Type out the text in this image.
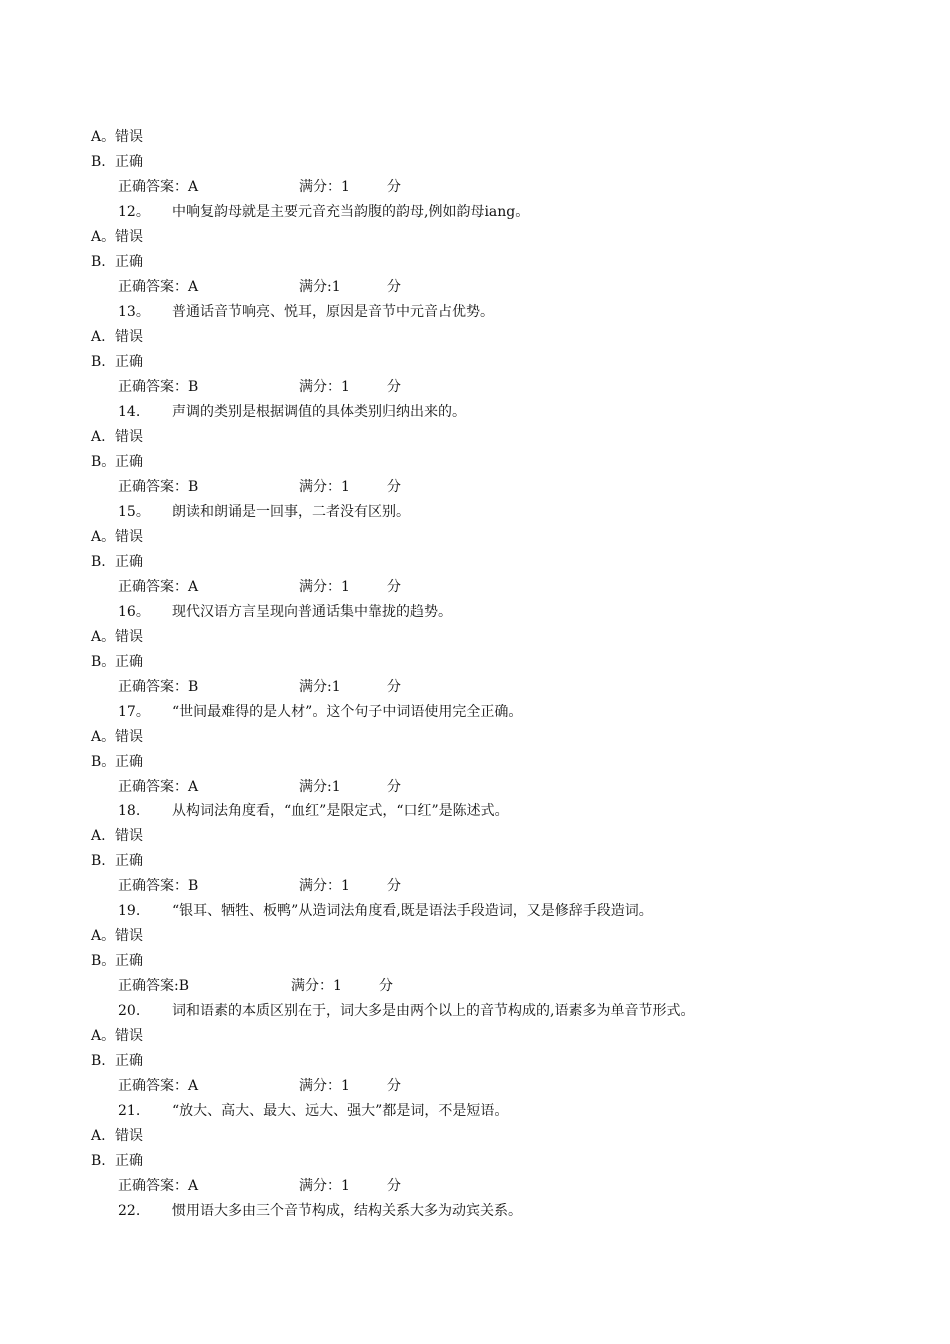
A。错误
B. 正确
正确答案：A	满分：1	分
12。 中响复韵母就是主要元音充当韵腹的韵母,例如韵母iang。
A。错误
B. 正确
正确答案：A	满分:1	分
13。 普通话音节响亮、悦耳，原因是音节中元音占优势。
A. 错误
B. 正确
正确答案：B	满分：1	分
14. 声调的类别是根据调值的具体类别归纳出来的。
A. 错误
B。正确
正确答案：B	满分：1	分
15。 朗读和朗诵是一回事，二者没有区别。
A。错误
B. 正确
正确答案：A	满分：1	分
16。 现代汉语方言呈现向普通话集中靠拢的趋势。
A。错误
B。正确
正确答案：B	满分:1	分
17。 “世间最难得的是人材”。这个句子中词语使用完全正确。
A。错误
B。正确
正确答案：A	满分:1	分
18. 从构词法角度看，“血红”是限定式，“口红”是陈述式。
A. 错误
B. 正确
正确答案：B	满分：1	分
19. “银耳、牺牲、板鸭”从造词法角度看,既是语法手段造词，又是修辞手段造词。
A。错误
B。正确
正确答案:B	满分：1	分
20. 词和语素的本质区别在于，词大多是由两个以上的音节构成的,语素多为单音节形式。
A。错误
B. 正确
正确答案：A	满分：1	分
21. “放大、高大、最大、远大、强大”都是词，不是短语。
A. 错误
B. 正确
正确答案：A	满分：1	分
22. 惯用语大多由三个音节构成，结构关系大多为动宾关系。
